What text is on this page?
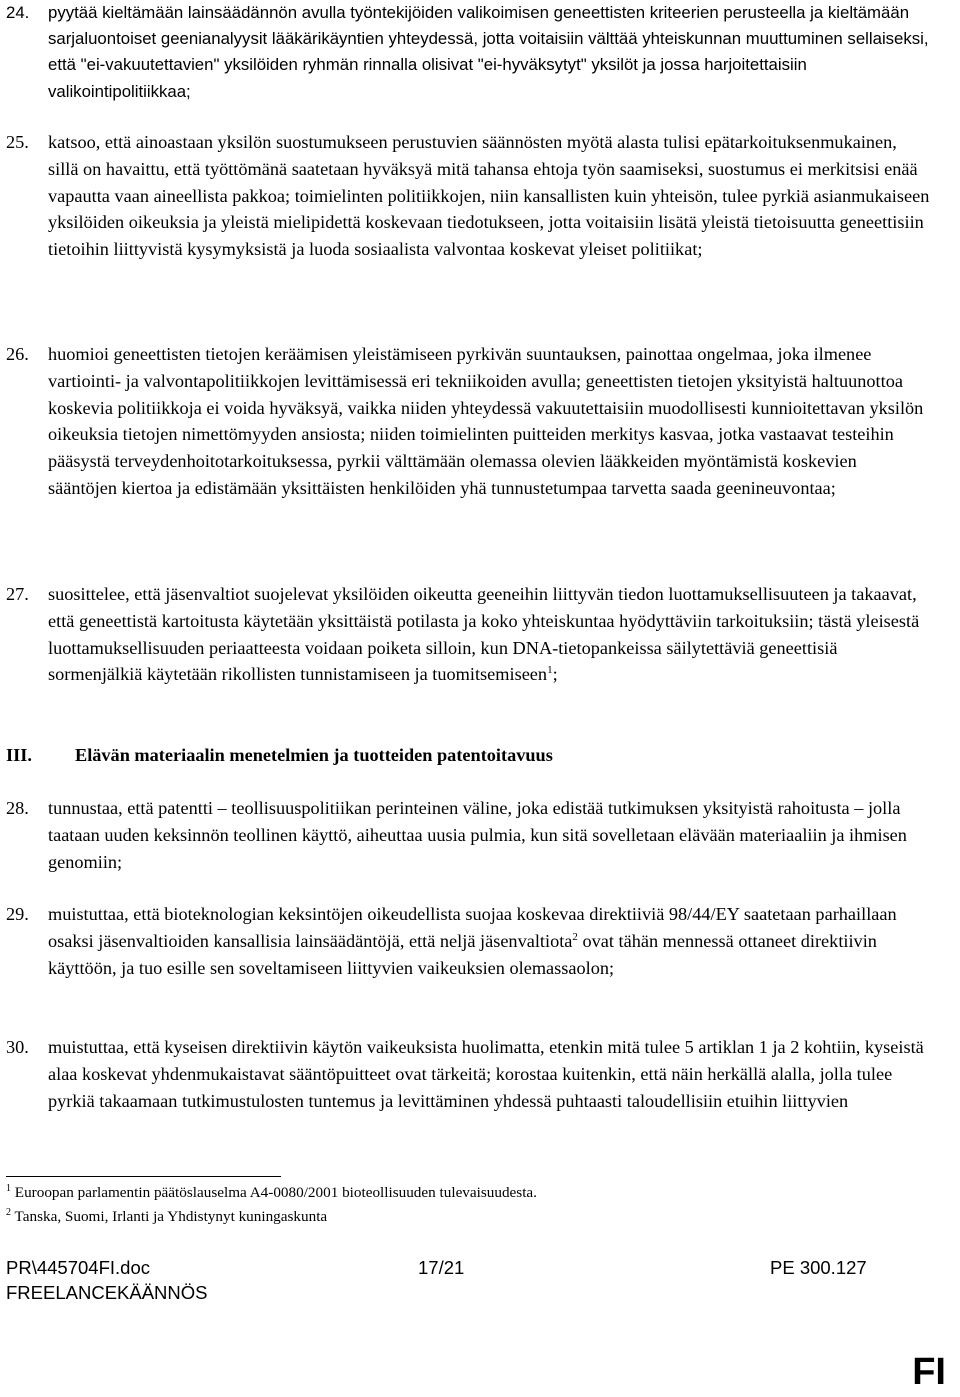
24. pyytää kieltämään lainsäädännön avulla työntekijöiden valikoimisen geneettisten kriteerien perusteella ja kieltämään sarjaluontoiset geenianalyysit lääkärikäyntien yhteydessä, jotta voitaisiin välttää yhteiskunnan muuttuminen sellaiseksi, että "ei-vakuutettavien" yksilöiden ryhmän rinnalla olisivat "ei-hyväksytyt" yksilöt ja jossa harjoitettaisiin valikointipolitiikkaa;
25. katsoo, että ainoastaan yksilön suostumukseen perustuvien säännösten myötä alasta tulisi epätarkoituksenmukainen, sillä on havaittu, että työttömänä saatetaan hyväksyä mitä tahansa ehtoja työn saamiseksi, suostumus ei merkitsisi enää vapautta vaan aineellista pakkoa; toimielinten politiikkojen, niin kansallisten kuin yhteisön, tulee pyrkiä asianmukaiseen yksilöiden oikeuksia ja yleistä mielipidettä koskevaan tiedotukseen, jotta voitaisiin lisätä yleistä tietoisuutta geneettisiin tietoihin liittyvistä kysymyksistä ja luoda sosiaalista valvontaa koskevat yleiset politiikat;
26. huomioi geneettisten tietojen keräämisen yleistämiseen pyrkivän suuntauksen, painottaa ongelmaa, joka ilmenee vartiointi- ja valvontapolitiikkojen levittämisessä eri tekniikoiden avulla; geneettisten tietojen yksityistä haltuunottoa koskevia politiikkoja ei voida hyväksyä, vaikka niiden yhteydessä vakuutettaisiin muodollisesti kunnioitettavan yksilön oikeuksia tietojen nimettömyyden ansiosta; niiden toimielinten puitteiden merkitys kasvaa, jotka vastaavat testeihin pääsystä terveydenhoitotarkoituksessa, pyrkii välttämään olemassa olevien lääkkeiden myöntämistä koskevien sääntöjen kiertoa ja edistämään yksittäisten henkilöiden yhä tunnustetumpaa tarvetta saada geenineuvontaa;
27. suosittelee, että jäsenvaltiot suojelevat yksilöiden oikeutta geeneihin liittyvän tiedon luottamuksellisuuteen ja takaavat, että geneettistä kartoitusta käytetään yksittäistä potilasta ja koko yhteiskuntaa hyödyttäviin tarkoituksiin; tästä yleisestä luottamuksellisuuden periaatteesta voidaan poiketa silloin, kun DNA-tietopankeissa säilytettäviä geneettisiä sormenjälkiä käytetään rikollisten tunnistamiseen ja tuomitsemiseen$^1$;
III. Elävän materiaalin menetelmien ja tuotteiden patentoitavuus
28. tunnustaa, että patentti – teollisuuspolitiikan perinteinen väline, joka edistää tutkimuksen yksityistä rahoitusta – jolla taataan uuden keksinnön teollinen käyttö, aiheuttaa uusia pulmia, kun sitä sovelletaan elävään materiaaliin ja ihmisen genomiin;
29. muistuttaa, että bioteknologian keksintöjen oikeudellista suojaa koskevaa direktiiviä 98/44/EY saatetaan parhaillaan osaksi jäsenvaltioiden kansallisia lainsäädäntöjä, että neljä jäsenvaltiota$^2$ ovat tähän mennessä ottaneet direktiivin käyttöön, ja tuo esille sen soveltamiseen liittyvien vaikeuksien olemassaolon;
30. muistuttaa, että kyseisen direktiivin käytön vaikeuksista huolimatta, etenkin mitä tulee 5 artiklan 1 ja 2 kohtiin, kyseistä alaa koskevat yhdenmukaistavat sääntöpuitteet ovat tärkeitä; korostaa kuitenkin, että näin herkällä alalla, jolla tulee pyrkiä takaamaan tutkimustulosten tuntemus ja levittäminen yhdessä puhtaasti taloudellisiin etuihin liittyvien
$^1$ Euroopan parlamentin päätöslauselma A4-0080/2001 bioteollisuuden tulevaisuudesta.
$^2$ Tanska, Suomi, Irlanti ja Yhdistynyt kuningaskunta
PR\445704FI.doc	17/21	PE 300.127
FREELANCEKÄÄNNÖS
FI
